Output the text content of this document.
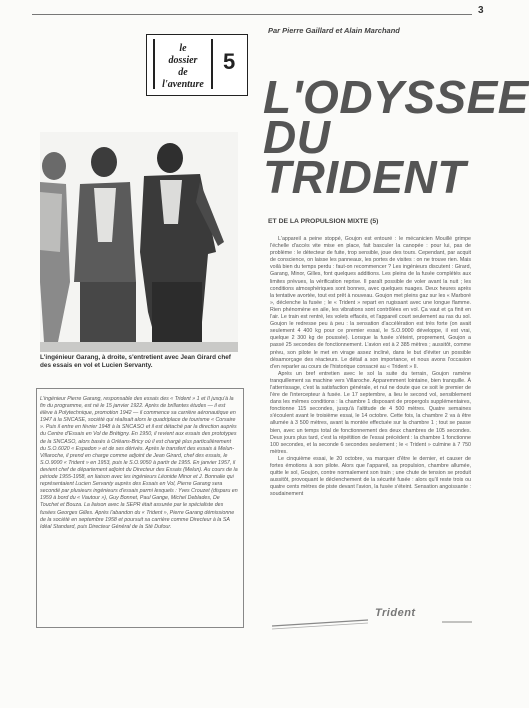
3
Par Pierre Gaillard et Alain Marchand
le
dossier
de
l'aventure
5
L'ingénieur Garang, à droite, s'entretient avec Jean Girard chef des essais en vol et Lucien Servanty.
L'ODYSSEE
DU
TRIDENT
ET DE LA PROPULSION MIXTE (5)
L'ingénieur Pierre Garang, responsable des essais des « Trident » 1 et II jusqu'à la fin du programme, est né le 15 janvier 1922. Après de brillantes études — il est élève à Polytechnique, promotion 1942 — il commence sa carrière aéronautique en 1947 à la SNCASE, société qui réalisait alors le quadriplace de tourisme « Corsaire ». Puis il entre en février 1948 à la SNCASO et il est détaché par la direction auprès du Centre d'Essais en Vol de Brétigny. En 1950, il revient aux essais des prototypes de la SNCASO, alors basés à Orléans-Bricy où il est chargé plus particulièrement du S.O.6020 « Espadon » et de ses dérivés. Après le transfert des essais à Melun-Villaroche, il prend en charge comme adjoint de Jean Girard, chef des essais, le S.O.9000 « Trident » en 1953, puis le S.O.9050 à partir de 1955. En janvier 1957, il devient chef de département adjoint du Directeur des Essais (Melun). Au cours de la période 1955-1958, en liaison avec les ingénieurs Léonide Minor et J. Bonnalie qui représentaient Lucien Servanty auprès des Essais en Vol, Pierre Garang sera secondé par plusieurs ingénieurs d'essais parmi lesquels : Yves Crouzet (disparu en 1959 à bord du « Vautour »), Guy Bonnet, Paul Gange, Michel Deblades, De Touchet et Bouza. La liaison avec la SEPR était assurée par le spécialiste des fusées Georges Gilles. Après l'abandon du « Trident », Pierre Garang démissionne de la société en septembre 1958 et poursuit sa carrière comme Directeur à la SA Idéal Standard, puis Directeur Général de la Sté Dufour.

L'appareil a peine stoppé, Goujon est entouré : le mécanicien Mouillé grimpe l'échelle d'accès vite mise en place, fait basculer la canopée : pour lui, pas de problème : le détecteur de fuite, trop sensible, joue des tours. Cependant, par acquit de conscience, on laisse les panneaux, les portes de visites : on ne trouve rien. Mais voilà bien du temps perdu : faut-on recommencer ? Les ingénieurs discutent : Girard, Garang, Minor, Gilles, font quelques additions. Les pleins de la fusée complétés aux limites prévues, la vérification reprise. Il paraît possible de voler avant la nuit ; les conditions atmosphériques sont bonnes, avec quelques nuages. Deux heures après la tentative avortée, tout est prêt à nouveau. Goujon met pleins gaz sur les « Marboré », déclenche la fusée ; le « Trident » repart en rugissant avec une longue flamme. Rien phénomène en aile, les vibrations sont contrôlées en vol. Ça vaut et ça finit en l'air. Le train est rentré, les volets effacés, et l'appareil court seulement au ras du sol. Goujon le redresse peu à peu : la sensation d'accélération est très forte (on avait seulement 4 400 kg pour ce premier essai, le S.O.9000 développe, il est vrai, quelque 2 300 kg de poussée). Lorsque la fusée s'éteint, proprement, Goujon a passé 25 secondes de fonctionnement. L'avion est à 2 385 mètres ; aussitôt, comme prévu, son pilote le met en virage assez incliné, dans le but d'éviter un possible désamorçage des réacteurs. Le détail a son importance, et nous avons l'occasion d'en reparler au cours de l'historique consacré au « Trident » II.

Après un bref entretien avec le sol la suite du terrain, Goujon ramène tranquillement sa machine vers Villaroche. Apparemment lointaine, bien tranquille. À l'atterrissage, c'est la satisfaction générale, et nul ne doute que ce soit le premier de l'ère de l'intercepteur à fusée. Le 17 septembre, a lieu le second vol, sensiblement dans les mêmes conditions : la chambre 1 disposant de propergols supplémentaires, fonctionne 115 secondes, jusqu'à l'altitude de 4 500 mètres. Quatre semaines s'écoulent avant le troisième essai, le 14 octobre. Cette fois, la chambre 2 va à être allumée à 3 500 mètres, avant la montée effectuée sur la chambre 1 ; tout se passe bien, avec un temps total de fonctionnement des deux chambres de 105 secondes. Deux jours plus tard, c'est la répétition de l'essai précédent : la chambre 1 fonctionne 100 secondes, et la seconde 6 secondes seulement ; le « Trident » culmine à 7 750 mètres.

Le cinquième essai, le 20 octobre, va marquer d'être le dernier, et causer de fortes émotions à son pilote. Alors que l'appareil, sa propulsion, chambre allumée, quitte le sol, Goujon, contre normalement son train ; une chute de tension se produit aussitôt, provoquant le déclenchement de la sécurité fusée : alors qu'il reste trois ou quatre cents mètres de piste devant l'avion, la fusée s'éteint. Sensation angoissante : soudainement

Trident
